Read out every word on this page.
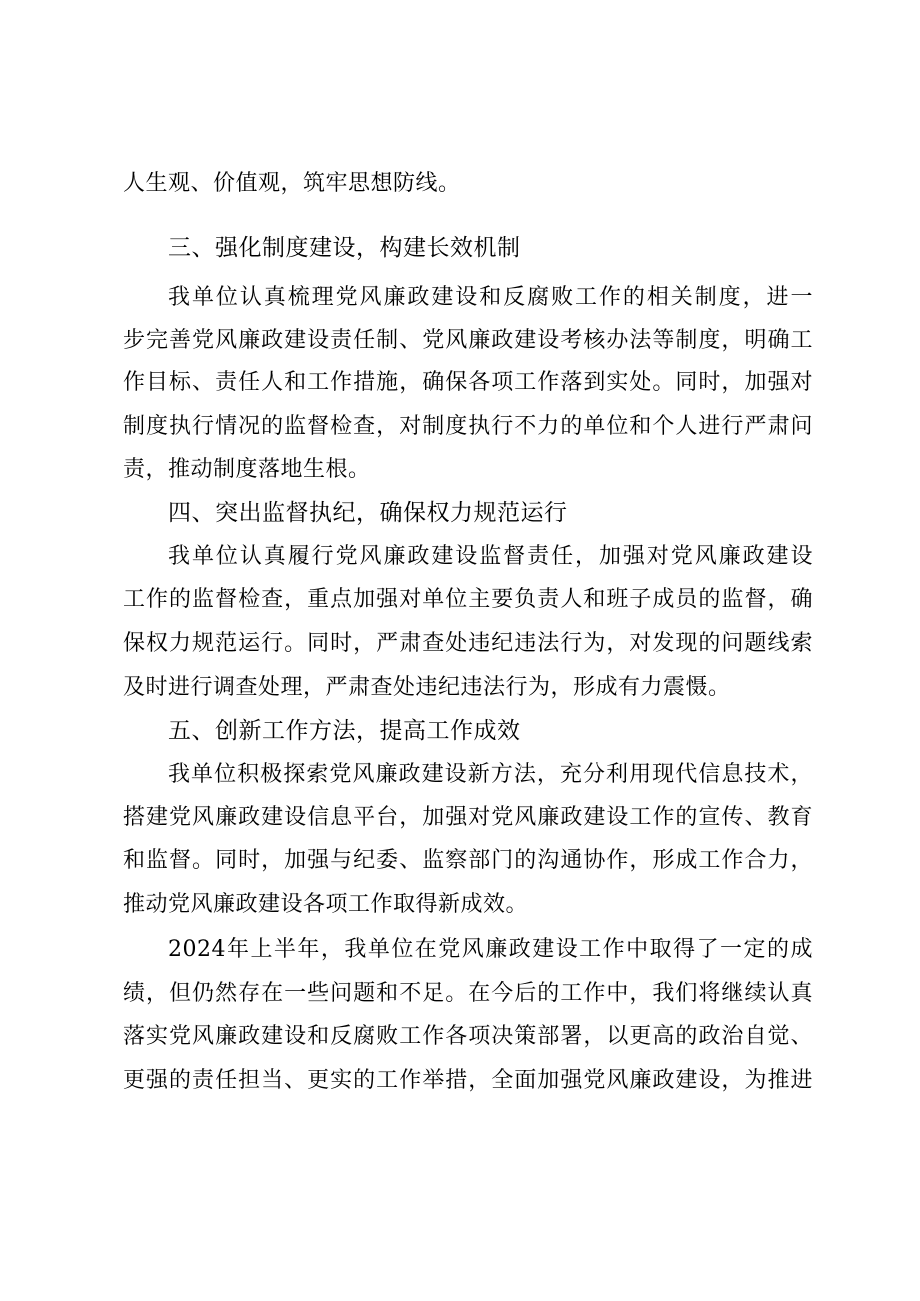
人生观、价值观，筑牢思想防线。
三、强化制度建设，构建长效机制
我单位认真梳理党风廉政建设和反腐败工作的相关制度，进一
步完善党风廉政建设责任制、党风廉政建设考核办法等制度，明确工
作目标、责任人和工作措施，确保各项工作落到实处。同时，加强对
制度执行情况的监督检查，对制度执行不力的单位和个人进行严肃问
责，推动制度落地生根。
四、突出监督执纪，确保权力规范运行
我单位认真履行党风廉政建设监督责任，加强对党风廉政建设
工作的监督检查，重点加强对单位主要负责人和班子成员的监督，确
保权力规范运行。同时，严肃查处违纪违法行为，对发现的问题线索
及时进行调查处理，严肃查处违纪违法行为，形成有力震慑。
五、创新工作方法，提高工作成效
我单位积极探索党风廉政建设新方法，充分利用现代信息技术，
搭建党风廉政建设信息平台，加强对党风廉政建设工作的宣传、教育
和监督。同时，加强与纪委、监察部门的沟通协作，形成工作合力，
推动党风廉政建设各项工作取得新成效。
2024年上半年，我单位在党风廉政建设工作中取得了一定的成
绩，但仍然存在一些问题和不足。在今后的工作中，我们将继续认真
落实党风廉政建设和反腐败工作各项决策部署，以更高的政治自觉、
更强的责任担当、更实的工作举措，全面加强党风廉政建设，为推进
